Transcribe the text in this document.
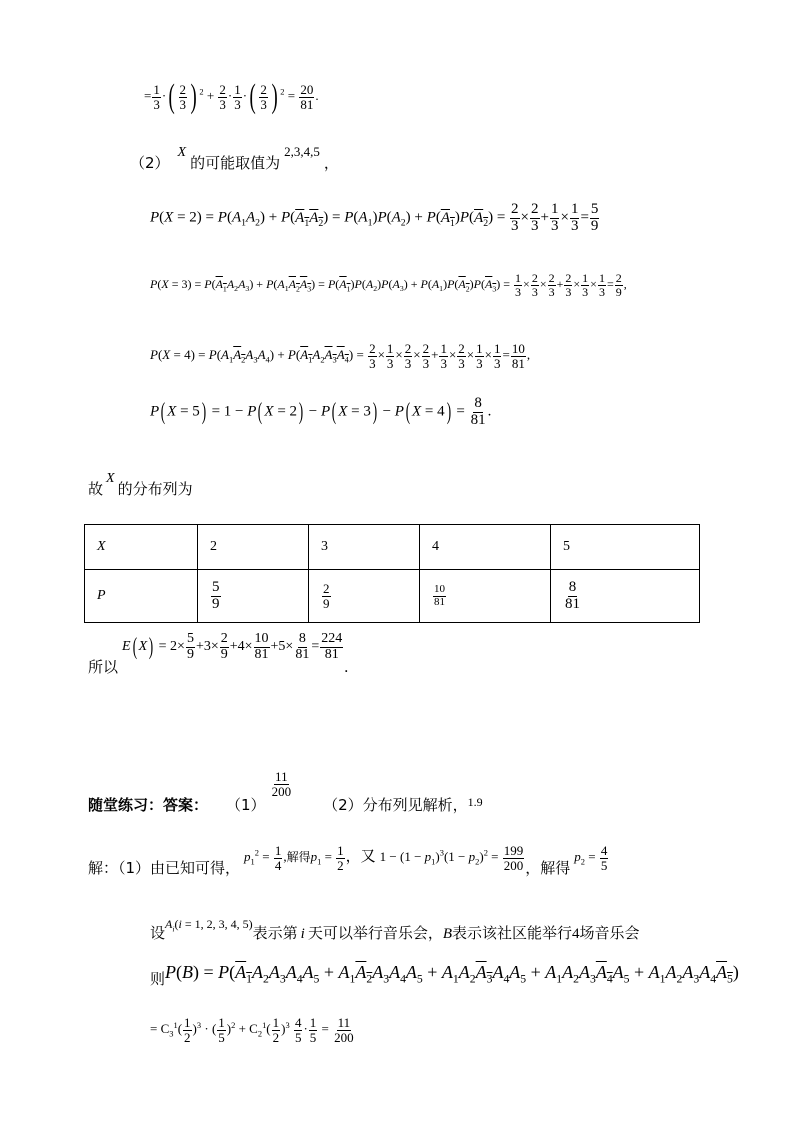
= $\frac{1}{3}$ ·( $\frac{2}{3}$ ) $^2 + \frac{2}{3} \cdot \frac{1}{3}$ ·( $\frac{2}{3}$ ) $^2 = \frac{20}{81}$ .
（2） X 的可能取值为 $^{2,3,4,5}$ ，
$P(X = 2) = P(A_1A_2) + P(A_1A_2) = P(A_1)P(A_2) + P(A_1)P(A_2) = \frac{2}{3} \times \frac{2}{3} + \frac{1}{3} \times \frac{1}{3} = \frac{5}{9}$
$P(X = 3) = P(A_1A_2A_3) + P(A_1A_2A_3) = P(A_1)P(A_2)P(A_3) + P(A_1)P(A_2)P(A_3) = \frac{1}{3} \times \frac{2}{3} \times \frac{2}{3} + \frac{2}{3} \times \frac{1}{3} \times \frac{1}{3} = \frac{2}{9}$ ,
$P(X = 4) = P(A_1A_2A_3A_4) + P(A_1A_2A_3A_4) = \frac{2}{3} \times \frac{1}{3} \times \frac{2}{3} \times \frac{2}{3} + \frac{1}{3} \times \frac{2}{3} \times \frac{1}{3} \times \frac{1}{3} = \frac{10}{81}$ ,
P( X = 5) = 1 − P( X = 2) − P( X = 3) − P( $X = 4) = \frac{8}{81}$ .
故X的分布列为
X	2	3	4	5
P	$\frac{5}{9}$	$\frac{2}{9}$	$\frac{10}{81}$	$\frac{8}{81}$
所以 E( $X) = 2\times \frac{5}{9} +3\times \frac{2}{9} +4\times \frac{10}{81} +5\times \frac{8}{81} = \frac{224}{81}$
.
随堂练习：答案： （1）
$\frac{11}{200}$
（2）分布列见解析，$_{1.9}$
解：（1）由已知可得， $p_1^2 = \frac{1}{4}$ ,解得$p_1 = \frac{1}{2}$ ，又 $1 - (1 - p_1)^3(1 - p_2)^2 = \frac{199}{200}$ ，解得 $p_2 = \frac{4}{5}$
设$A_i(i = 1$, 2, 3, 4, 5)表示第 i 天可以举行音乐会，B表示该社区能举行4场音乐会
则$P(B) = P(A_1A_2A_3A_4A_5 + A_1A_2A_3A_4A_5 + A_1A_2A_3A_4A_5 + A_1A_2A_3A_4A_5 + A_1A_2A_3A_4A_5)$
= $C_3^1( \frac{1}{2} )^3$ · ( $\frac{1}{5} )^2 + C_2^1( \frac{1}{2} )^3 \frac{4}{5} \cdot \frac{1}{5} = \frac{11}{200}$
